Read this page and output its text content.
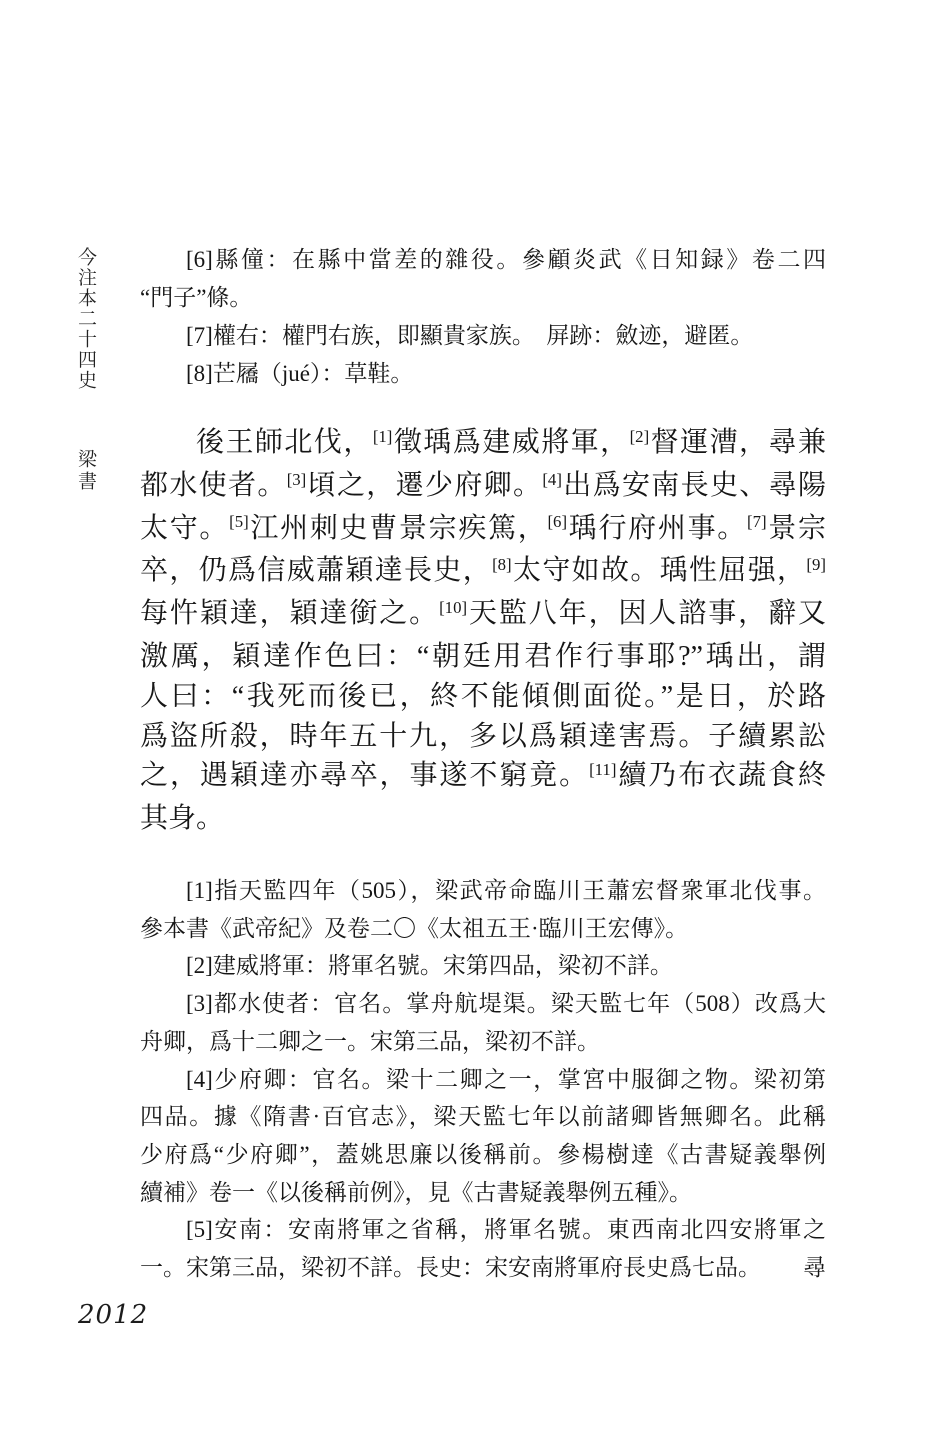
今注本二十四史 梁書
[6]縣僮：在縣中當差的雜役。參顧炎武《日知録》卷二四
“門子”條。
[7]權右：權門右族，即顯貴家族。　屏跡：斂迹，避匿。
[8]芒屩（jué）：草鞋。
後王師北伐，[1]徵瑀爲建威將軍，[2]督運漕，尋兼
都水使者。[3]頃之，遷少府卿。[4]出爲安南長史、尋陽
太守。[5]江州刺史曹景宗疾篤，[6]瑀行府州事。[7]景宗
卒，仍爲信威蕭穎達長史，[8]太守如故。瑀性屈强，[9]
每忤穎達，穎達銜之。[10]天監八年，因人諮事，辭又
激厲，穎達作色曰：“朝廷用君作行事耶?”瑀出，謂
人曰：“我死而後已，終不能傾側面從。”是日，於路
爲盜所殺，時年五十九，多以爲穎達害焉。子續累訟
之，遇穎達亦尋卒，事遂不窮竟。[11]續乃布衣蔬食終
其身。
[1]指天監四年（505），梁武帝命臨川王蕭宏督衆軍北伐事。
參本書《武帝紀》及卷二〇《太祖五王·臨川王宏傳》。
[2]建威將軍：將軍名號。宋第四品，梁初不詳。
[3]都水使者：官名。掌舟航堤渠。梁天監七年（508）改爲大
舟卿，爲十二卿之一。宋第三品，梁初不詳。
[4]少府卿：官名。梁十二卿之一，掌宮中服御之物。梁初第
四品。據《隋書·百官志》，梁天監七年以前諸卿皆無卿名。此稱
少府爲“少府卿”，蓋姚思廉以後稱前。參楊樹達《古書疑義舉例
續補》卷一《以後稱前例》，見《古書疑義舉例五種》。
[5]安南：安南將軍之省稱，將軍名號。東西南北四安將軍之
一。宋第三品，梁初不詳。長史：宋安南將軍府長史爲七品。 尋
2012
